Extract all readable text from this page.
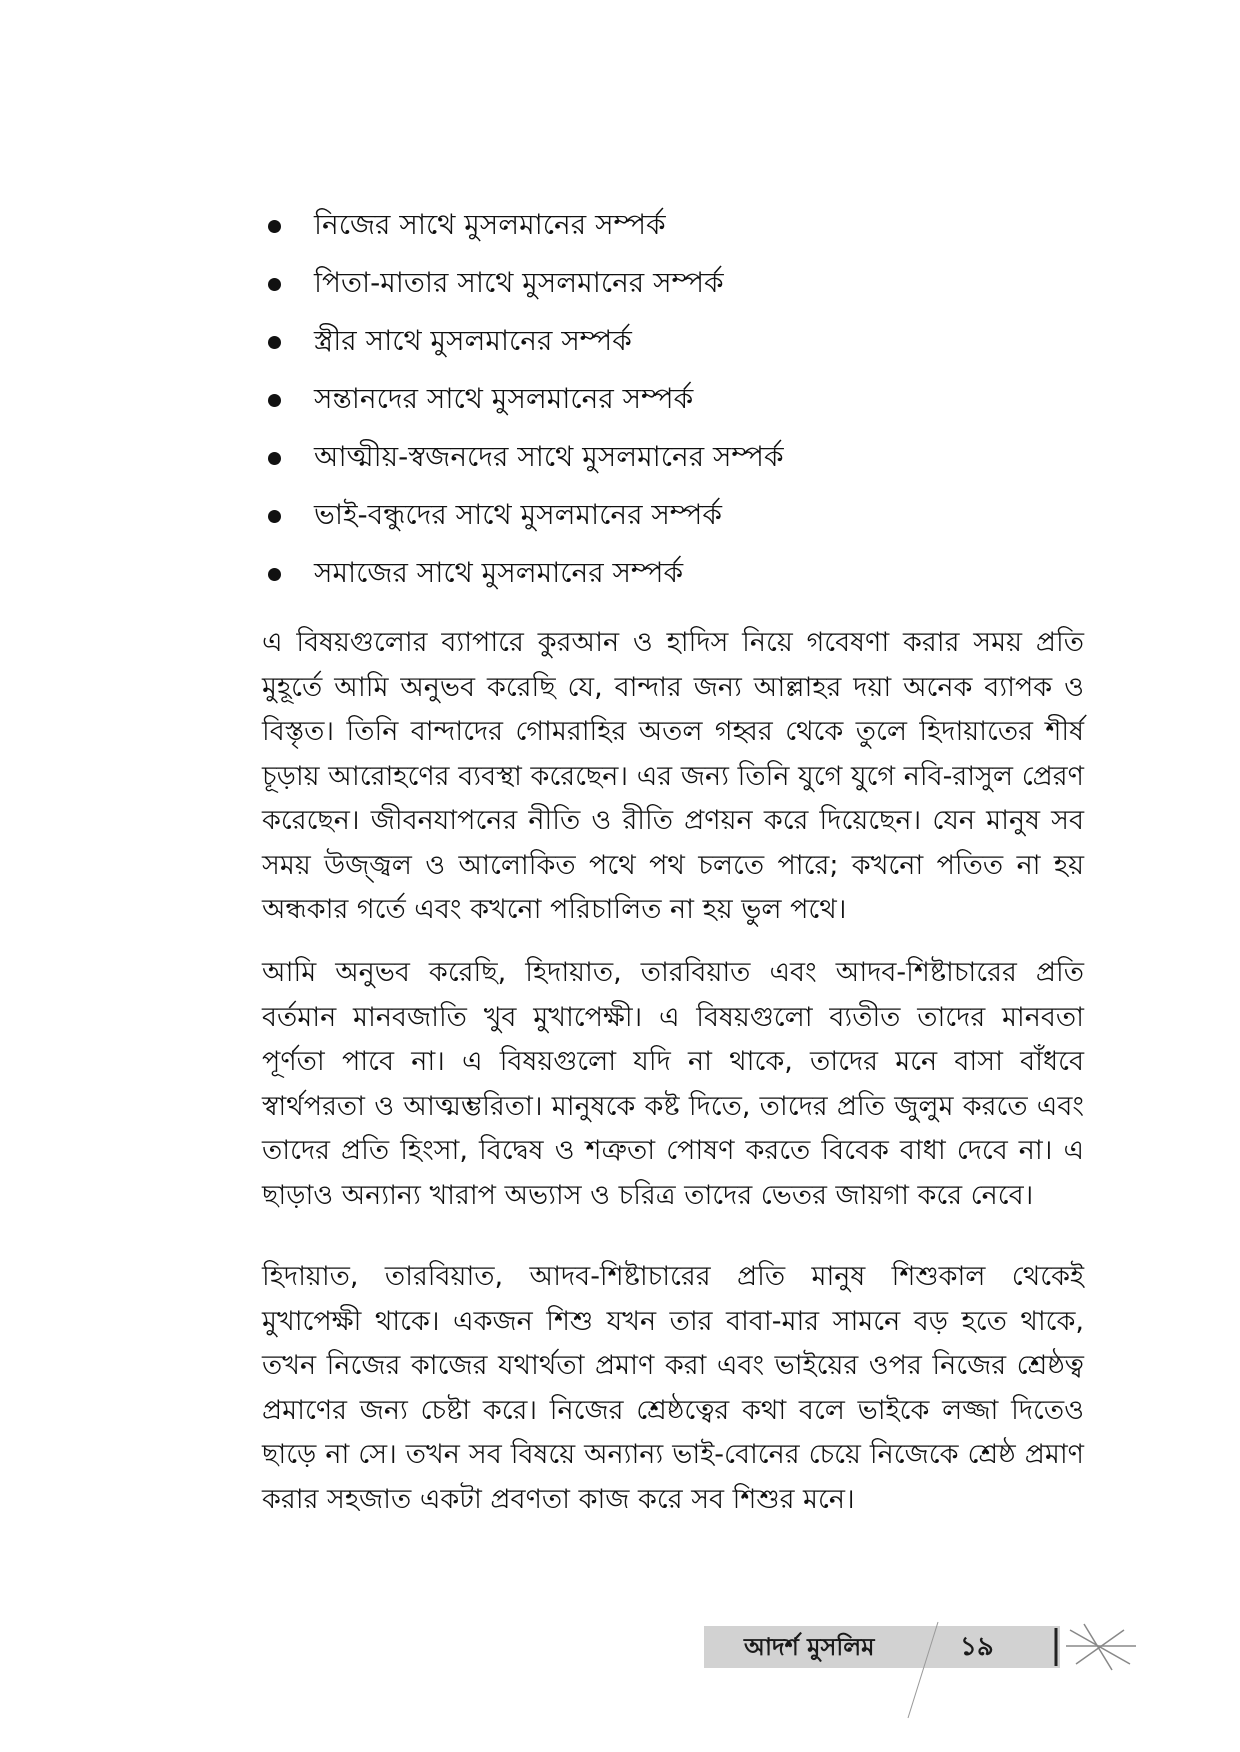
নিজের সাথে মুসলমানের সম্পর্ক
পিতা-মাতার সাথে মুসলমানের সম্পর্ক
স্ত্রীর সাথে মুসলমানের সম্পর্ক
সন্তানদের সাথে মুসলমানের সম্পর্ক
আত্মীয়-স্বজনদের সাথে মুসলমানের সম্পর্ক
ভাই-বন্ধুদের সাথে মুসলমানের সম্পর্ক
সমাজের সাথে মুসলমানের সম্পর্ক

এ বিষয়গুলোর ব্যাপারে কুরআন ও হাদিস নিয়ে গবেষণা করার সময় প্রতি মুহূর্তে আমি অনুভব করেছি যে, বান্দার জন্য আল্লাহর দয়া অনেক ব্যাপক ও বিস্তৃত। তিনি বান্দাদের গোমরাহির অতল গহ্বর থেকে তুলে হিদায়াতের শীর্ষ চূড়ায় আরোহণের ব্যবস্থা করেছেন। এর জন্য তিনি যুগে যুগে নবি-রাসুল প্রেরণ করেছেন। জীবনযাপনের নীতি ও রীতি প্রণয়ন করে দিয়েছেন। যেন মানুষ সব সময় উজ্জ্বল ও আলোকিত পথে পথ চলতে পারে; কখনো পতিত না হয় অন্ধকার গর্তে এবং কখনো পরিচালিত না হয় ভুল পথে।

আমি অনুভব করেছি, হিদায়াত, তারবিয়াত এবং আদব-শিষ্টাচারের প্রতি বর্তমান মানবজাতি খুব মুখাপেক্ষী। এ বিষয়গুলো ব্যতীত তাদের মানবতা পূর্ণতা পাবে না। এ বিষয়গুলো যদি না থাকে, তাদের মনে বাসা বাঁধবে স্বার্থপরতা ও আত্মম্ভরিতা। মানুষকে কষ্ট দিতে, তাদের প্রতি জুলুম করতে এবং তাদের প্রতি হিংসা, বিদ্বেষ ও শত্রুতা পোষণ করতে বিবেক বাধা দেবে না। এ ছাড়াও অন্যান্য খারাপ অভ্যাস ও চরিত্র তাদের ভেতর জায়গা করে নেবে।

হিদায়াত, তারবিয়াত, আদব-শিষ্টাচারের প্রতি মানুষ শিশুকাল থেকেই মুখাপেক্ষী থাকে। একজন শিশু যখন তার বাবা-মার সামনে বড় হতে থাকে, তখন নিজের কাজের যথার্থতা প্রমাণ করা এবং ভাইয়ের ওপর নিজের শ্রেষ্ঠত্ব প্রমাণের জন্য চেষ্টা করে। নিজের শ্রেষ্ঠত্বের কথা বলে ভাইকে লজ্জা দিতেও ছাড়ে না সে। তখন সব বিষয়ে অন্যান্য ভাই-বোনের চেয়ে নিজেকে শ্রেষ্ঠ প্রমাণ করার সহজাত একটা প্রবণতা কাজ করে সব শিশুর মনে।

আদর্শ মুসলিম	১৯
